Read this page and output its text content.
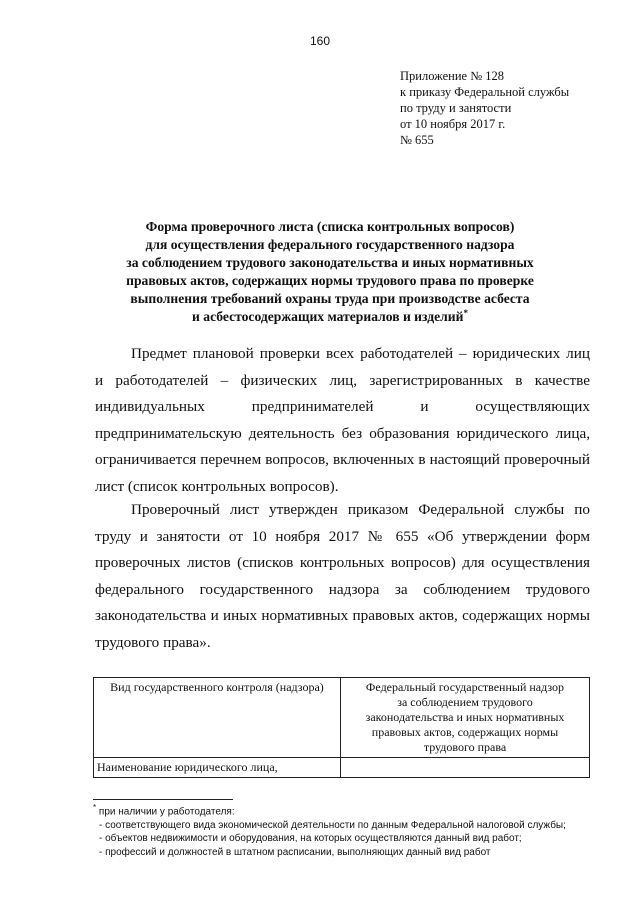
160
Приложение № 128
к приказу Федеральной службы
по труду и занятости
от 10 ноября 2017 г.
№ 655
Форма проверочного листа (списка контрольных вопросов)
для осуществления федерального государственного надзора
за соблюдением трудового законодательства и иных нормативных
правовых актов, содержащих нормы трудового права по проверке
выполнения требований охраны труда при производстве асбеста
и асбестосодержащих материалов и изделий*
Предмет плановой проверки всех работодателей – юридических лиц
и работодателей – физических лиц, зарегистрированных в качестве
индивидуальных предпринимателей и осуществляющих
предпринимательскую деятельность без образования юридического лица,
ограничивается перечнем вопросов, включенных в настоящий проверочный
лист (список контрольных вопросов).
Проверочный лист утвержден приказом Федеральной службы по
труду и занятости от 10 ноября 2017 № 655 «Об утверждении форм
проверочных листов (списков контрольных вопросов) для осуществления
федерального государственного надзора за соблюдением трудового
законодательства и иных нормативных правовых актов, содержащих нормы
трудового права».
Вид государственного контроля (надзора)	Федеральный государственный надзор
за соблюдением трудового
законодательства и иных нормативных
правовых актов, содержащих нормы
трудового права

Наименование юридического лица,	
* при наличии у работодателя:
- соответствующего вида экономической деятельности по данным Федеральной налоговой службы;
- объектов недвижимости и оборудования, на которых осуществляются данный вид работ;
- профессий и должностей в штатном расписании, выполняющих данный вид работ
